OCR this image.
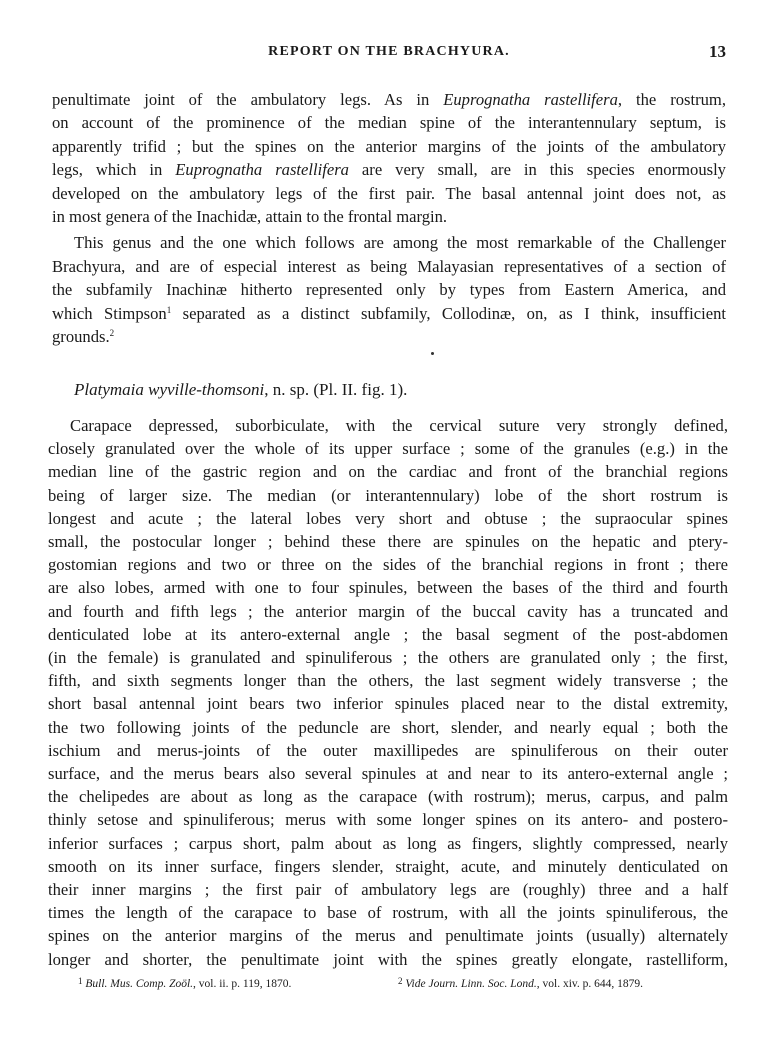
REPORT ON THE BRACHYURA.	13
penultimate joint of the ambulatory legs. As in Euprognatha rastellifera, the rostrum,
on account of the prominence of the median spine of the interantennulary septum, is
apparently trifid ; but the spines on the anterior margins of the joints of the ambulatory
legs, which in Euprognatha rastellifera are very small, are in this species enormously
developed on the ambulatory legs of the first pair. The basal antennal joint does not, as
in most genera of the Inachidæ, attain to the frontal margin.
This genus and the one which follows are among the most remarkable of the Challenger
Brachyura, and are of especial interest as being Malayasian representatives of a section of
the subfamily Inachinæ hitherto represented only by types from Eastern America, and
which Stimpson$^1$ separated as a distinct subfamily, Collodinæ, on, as I think, insufficient
grounds.$^2$
Platymaia wyville-thomsoni, n. sp. (Pl. II. fig. 1).
Carapace depressed, suborbiculate, with the cervical suture very strongly defined,
closely granulated over the whole of its upper surface ; some of the granules (e.g.) in the
median line of the gastric region and on the cardiac and front of the branchial regions
being of larger size. The median (or interantennulary) lobe of the short rostrum is
longest and acute ; the lateral lobes very short and obtuse ; the supraocular spines
small, the postocular longer ; behind these there are spinules on the hepatic and ptery-
gostomian regions and two or three on the sides of the branchial regions in front ; there
are also lobes, armed with one to four spinules, between the bases of the third and fourth
and fourth and fifth legs ; the anterior margin of the buccal cavity has a truncated and
denticulated lobe at its antero-external angle ; the basal segment of the post-abdomen
(in the female) is granulated and spinuliferous ; the others are granulated only ; the first,
fifth, and sixth segments longer than the others, the last segment widely transverse ; the
short basal antennal joint bears two inferior spinules placed near to the distal extremity,
the two following joints of the peduncle are short, slender, and nearly equal ; both the
ischium and merus-joints of the outer maxillipedes are spinuliferous on their outer
surface, and the merus bears also several spinules at and near to its antero-external angle ;
the chelipedes are about as long as the carapace (with rostrum); merus, carpus, and palm
thinly setose and spinuliferous; merus with some longer spines on its antero- and postero-
inferior surfaces ; carpus short, palm about as long as fingers, slightly compressed, nearly
smooth on its inner surface, fingers slender, straight, acute, and minutely denticulated on
their inner margins ; the first pair of ambulatory legs are (roughly) three and a half
times the length of the carapace to base of rostrum, with all the joints spinuliferous, the
spines on the anterior margins of the merus and penultimate joints (usually) alternately
longer and shorter, the penultimate joint with the spines greatly elongate, rastelliform,
$^1$ Bull. Mus. Comp. Zoöl., vol. ii. p. 119, 1870.	$^2$ Vide Journ. Linn. Soc. Lond., vol. xiv. p. 644, 1879.
